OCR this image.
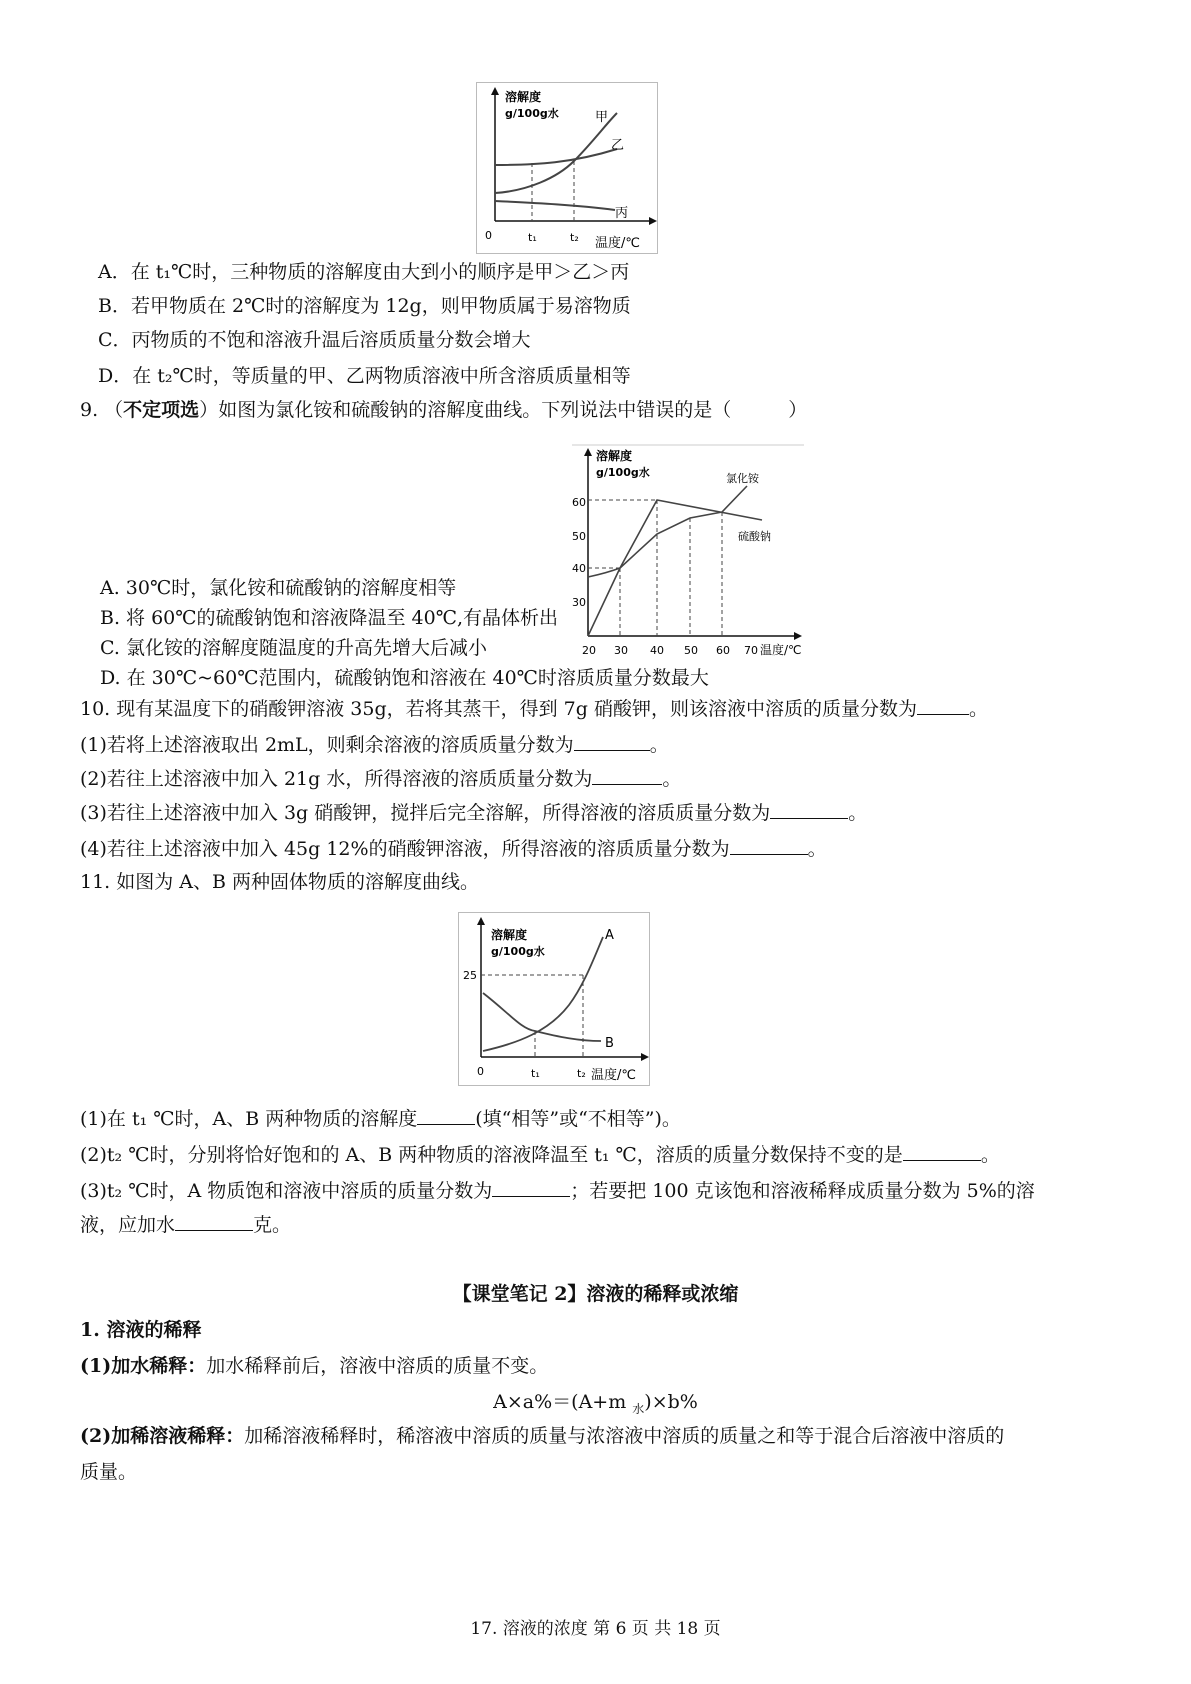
溶解度
g/100g水	甲
乙
丙
0	t₁	t₂ 温度/℃
A．在 t₁℃时，三种物质的溶解度由大到小的顺序是甲＞乙＞丙
B．若甲物质在 2℃时的溶解度为 12g，则甲物质属于易溶物质
C．丙物质的不饱和溶液升温后溶质质量分数会增大
D．在 t₂℃时，等质量的甲、乙两物质溶液中所含溶质质量相等
9. （不定项选）如图为氯化铵和硫酸钠的溶解度曲线。下列说法中错误的是（　　　）
溶解度
g/100g水
30
40
50
60
20 30 40 50 60 70 温度/℃
氯化铵
硫酸钠
A. 30℃时，氯化铵和硫酸钠的溶解度相等
B. 将 60℃的硫酸钠饱和溶液降温至 40℃,有晶体析出
C. 氯化铵的溶解度随温度的升高先增大后减小
D. 在 30℃~60℃范围内，硫酸钠饱和溶液在 40℃时溶质质量分数最大
10. 现有某温度下的硝酸钾溶液 35g，若将其蒸干，得到 7g 硝酸钾，则该溶液中溶质的质量分数为	。
(1)若将上述溶液取出 2mL，则剩余溶液的溶质质量分数为	。
(2)若往上述溶液中加入 21g 水，所得溶液的溶质质量分数为	。
(3)若往上述溶液中加入 3g 硝酸钾，搅拌后完全溶解，所得溶液的溶质质量分数为	。
(4)若往上述溶液中加入 45g 12%的硝酸钾溶液，所得溶液的溶质质量分数为	。
11. 如图为 A、B 两种固体物质的溶解度曲线。
溶解度
g/100g水
25
A
B
0	t₁	t₂ 温度/℃
(1)在 t₁ ℃时，A、B 两种物质的溶解度	(填“相等”或“不相等”)。
(2)t₂ ℃时，分别将恰好饱和的 A、B 两种物质的溶液降温至 t₁ ℃，溶质的质量分数保持不变的是	。
(3)t₂ ℃时，A 物质饱和溶液中溶质的质量分数为	；若要把 100 克该饱和溶液稀释成质量分数为 5%的溶
液，应加水	克。
【课堂笔记 2】溶液的稀释或浓缩
1. 溶液的稀释
(1)加水稀释：加水稀释前后，溶液中溶质的质量不变。
A×a%＝(A+m $_水$)×b%
(2)加稀溶液稀释：加稀溶液稀释时，稀溶液中溶质的质量与浓溶液中溶质的质量之和等于混合后溶液中溶质的
质量。
17. 溶液的浓度 第 6 页 共 18 页
